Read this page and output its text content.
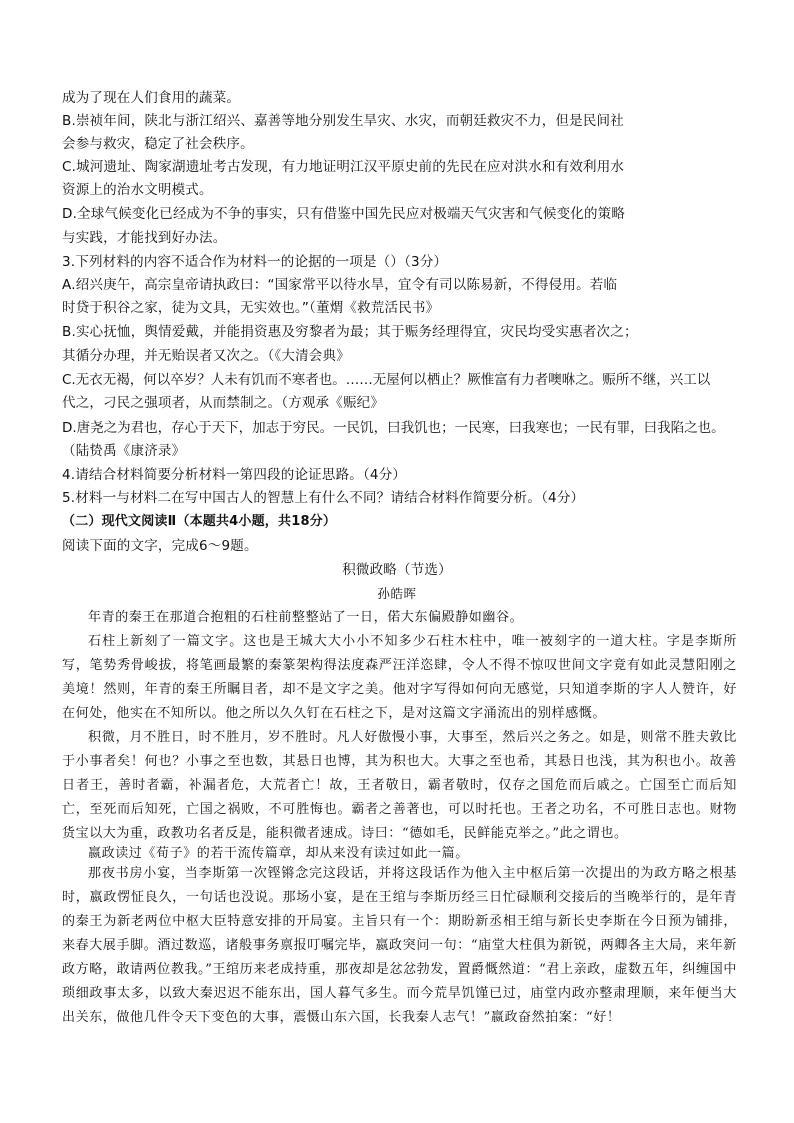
成为了现在人们食用的蔬菜。
B.崇祯年间，陕北与浙江绍兴、嘉善等地分别发生旱灾、水灾，而朝廷救灾不力，但是民间社
会参与救灾，稳定了社会秩序。
C.城河遗址、陶家湖遗址考古发现，有力地证明江汉平原史前的先民在应对洪水和有效利用水
资源上的治水文明模式。
D.全球气候变化已经成为不争的事实，只有借鉴中国先民应对极端天气灾害和气候变化的策略
与实践，才能找到好办法。
3.下列材料的内容不适合作为材料一的论据的一项是（）（3分）
A.绍兴庚午，高宗皇帝请执政曰：“国家常平以待水旱，宜令有司以陈易新，不得侵用。若临
时贷于积谷之家，徒为文具，无实效也。”（董煟《救荒活民书》
B.实心抚恤，舆情爱戴，并能捐资惠及穷黎者为最；其于赈务经理得宜，灾民均受实惠者次之；
其循分办理，并无贻误者又次之。（《大清会典》
C.无衣无褐，何以卒岁？人未有饥而不寒者也。……无屋何以栖止？厥惟富有力者噢咻之。赈所不继，兴工以
代之，刁民之强项者，从而禁制之。（方观承《赈纪》
D.唐尧之为君也，存心于天下，加志于穷民。一民饥，曰我饥也；一民寒，曰我寒也；一民有罪，曰我陷之也。
（陆贽禹《康济录》
4.请结合材料简要分析材料一第四段的论证思路。（4分）
5.材料一与材料二在写中国古人的智慧上有什么不同？请结合材料作简要分析。（4分）
（二）现代文阅读Ⅱ（本题共4小题，共18分）
阅读下面的文字，完成6～9题。
积微政略（节选）
孙皓晖

年青的秦王在那道合抱粗的石柱前整整站了一日，偌大东偏殿静如幽谷。

石柱上新刻了一篇文字。这也是王城大大小小不知多少石柱木柱中，唯一被刻字的一道大柱。字是李斯所写，笔势秀骨峻拔，将笔画最繁的秦篆架构得法度森严汪洋恣肆，令人不得不惊叹世间文字竟有如此灵慧阳刚之美境！然则，年青的秦王所瞩目者，却不是文字之美。他对字写得如何向无感觉，只知道李斯的字人人赞许，好在何处，他实在不知所以。他之所以久久钉在石柱之下，是对这篇文字涌流出的别样感慨。

积微，月不胜日，时不胜月，岁不胜时。凡人好傲慢小事，大事至，然后兴之务之。如是，则常不胜夫敦比于小事者矣！何也？小事之至也数，其悬日也博，其为积也大。大事之至也希，其悬日也浅，其为积也小。故善日者王，善时者霸，补漏者危，大荒者亡！故，王者敬日，霸者敬时，仅存之国危而后戚之。亡国至亡而后知亡，至死而后知死，亡国之祸败，不可胜悔也。霸者之善著也，可以时托也。王者之功名，不可胜日志也。财物货宝以大为重，政教功名者反是，能积微者速成。诗曰：“德如毛，民鲜能克举之。”此之谓也。

嬴政读过《荀子》的若干流传篇章，却从来没有读过如此一篇。

那夜书房小宴，当李斯第一次铿锵念完这段话，并将这段话作为他入主中枢后第一次提出的为政方略之根基时，嬴政愣怔良久，一句话也没说。那场小宴，是在王绾与李斯历经三日忙碌顺利交接后的当晚举行的，是年青的秦王为新老两位中枢大臣特意安排的开局宴。主旨只有一个：期盼新丞相王绾与新长史李斯在今日预为铺排，来春大展手脚。酒过数巡，诸般事务禀报叮嘱完毕，嬴政突问一句：“庙堂大柱俱为新锐，两卿各主大局，来年新政方略，敢请两位教我。”王绾历来老成持重，那夜却是忿忿勃发，置爵慨然道：“君上亲政，虚数五年，纠缠国中琐细政事太多，以致大秦迟迟不能东出，国人暮气多生。而今荒旱饥馑已过，庙堂内政亦整肃理顺，来年便当大出关东，做他几件令天下变色的大事，震慑山东六国，长我秦人志气！”嬴政奋然拍案：“好！
